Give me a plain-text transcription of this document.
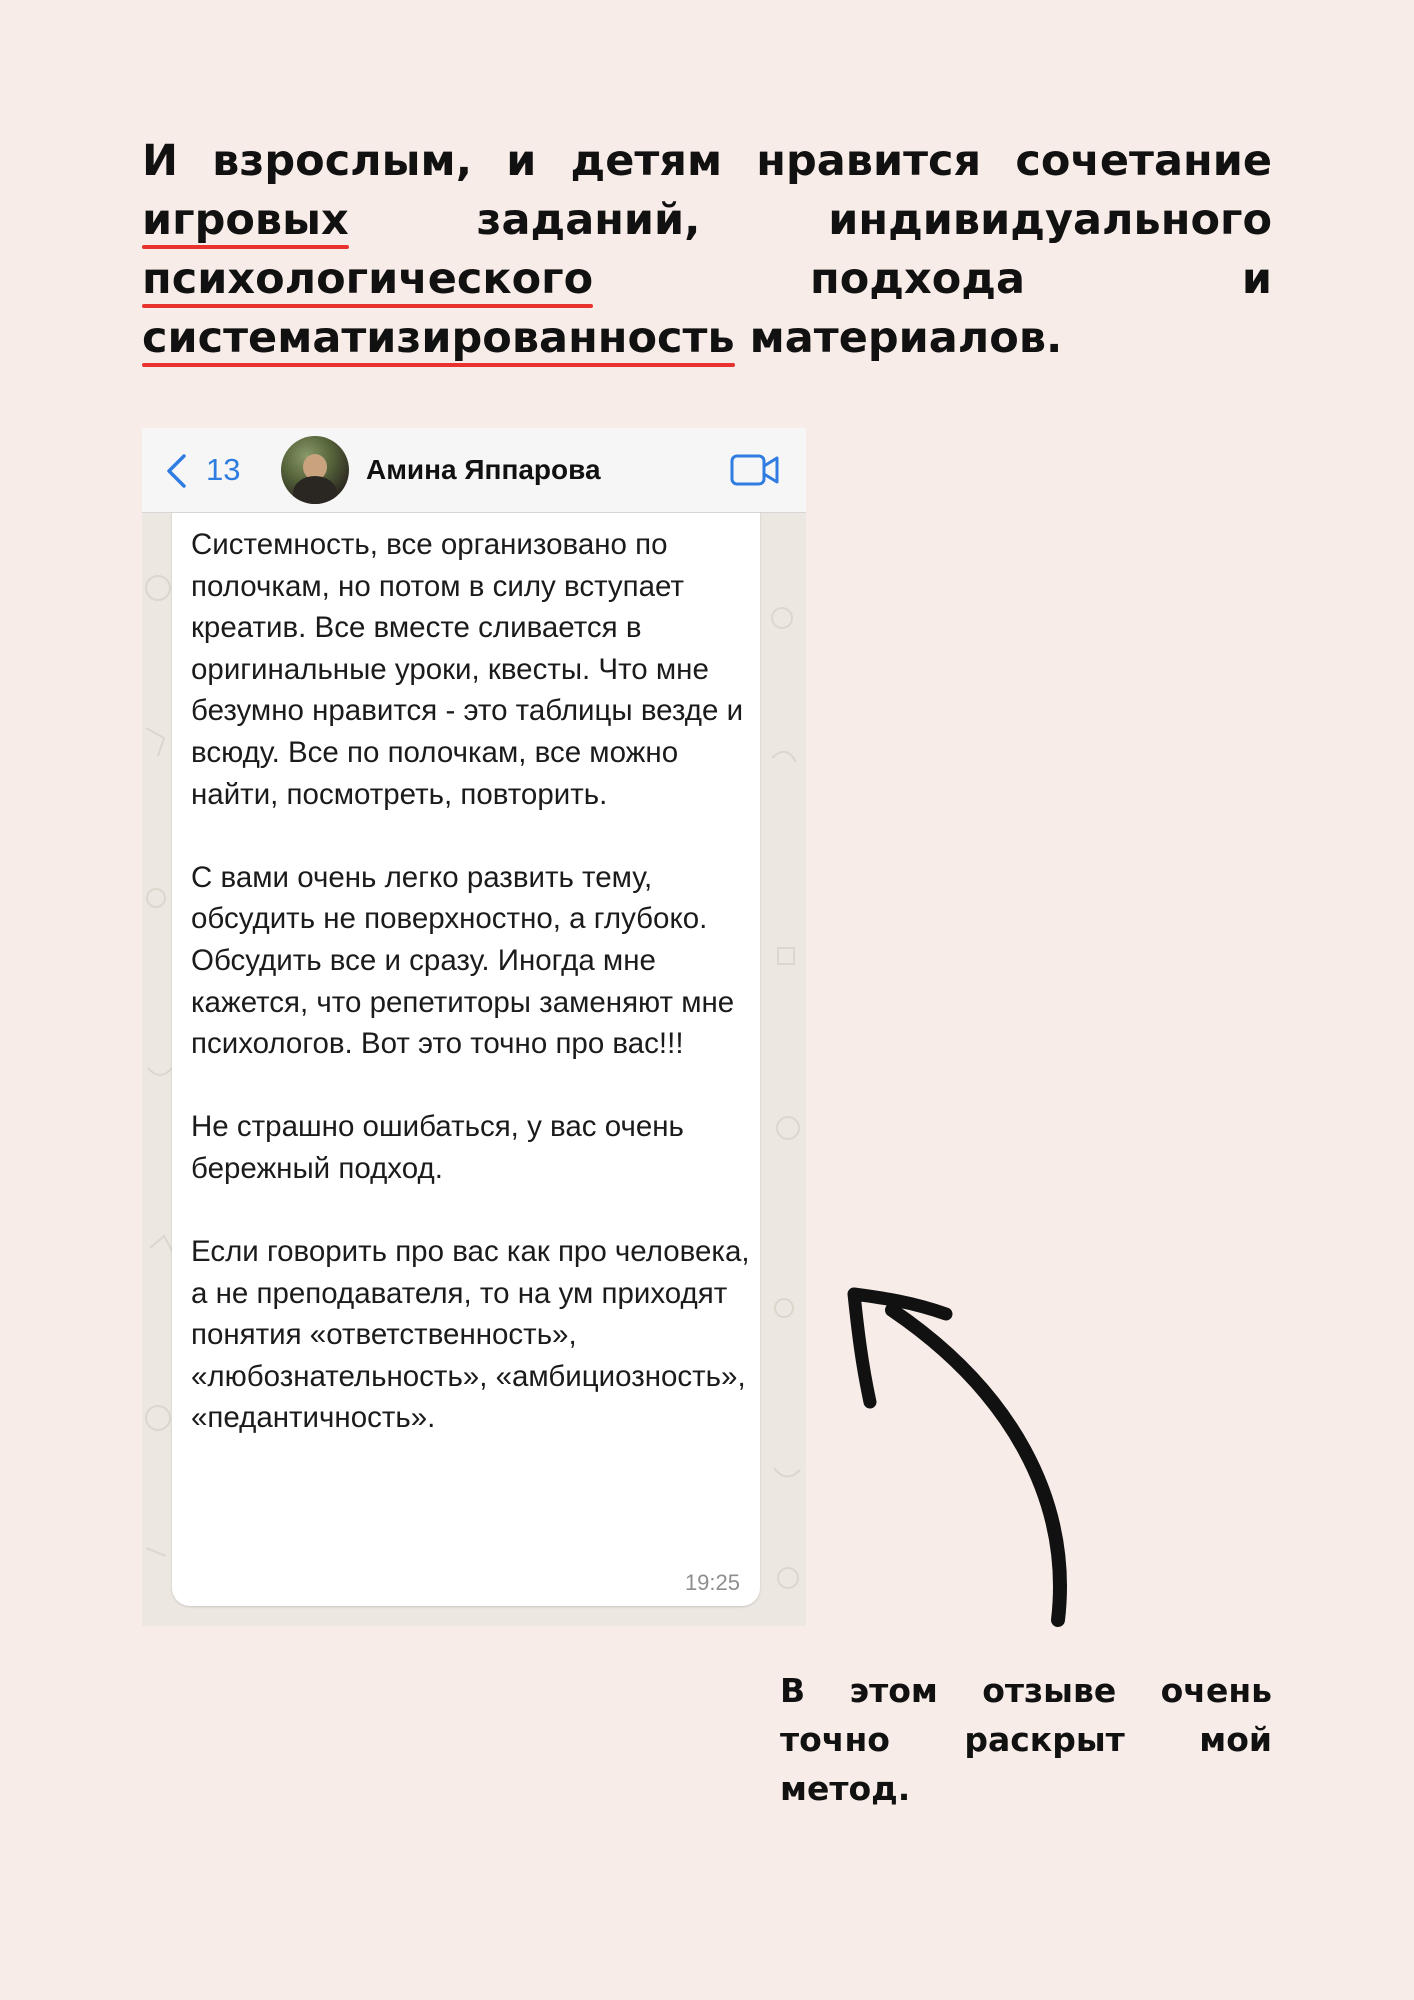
И взрослым, и детям нравится сочетание игровых заданий, индивидуального психологического подхода и систематизированность материалов.
Системность, все организовано по полочкам, но потом в силу вступает креатив. Все вместе сливается в оригинальные уроки, квесты. Что мне безумно нравится - это таблицы везде и всюду. Все по полочкам, все можно найти, посмотреть, повторить.

С вами очень легко развить тему, обсудить не поверхностно, а глубоко. Обсудить все и сразу. Иногда мне кажется, что репетиторы заменяют мне психологов. Вот это точно про вас!!!

Не страшно ошибаться, у вас очень бережный подход.

Если говорить про вас как про человека, а не преподавателя, то на ум приходят понятия «ответственность», «любознательность», «амбициозность», «педантичность».
19:25
13	Амина Яппарова
В этом отзыве очень точно раскрыт мой метод.
